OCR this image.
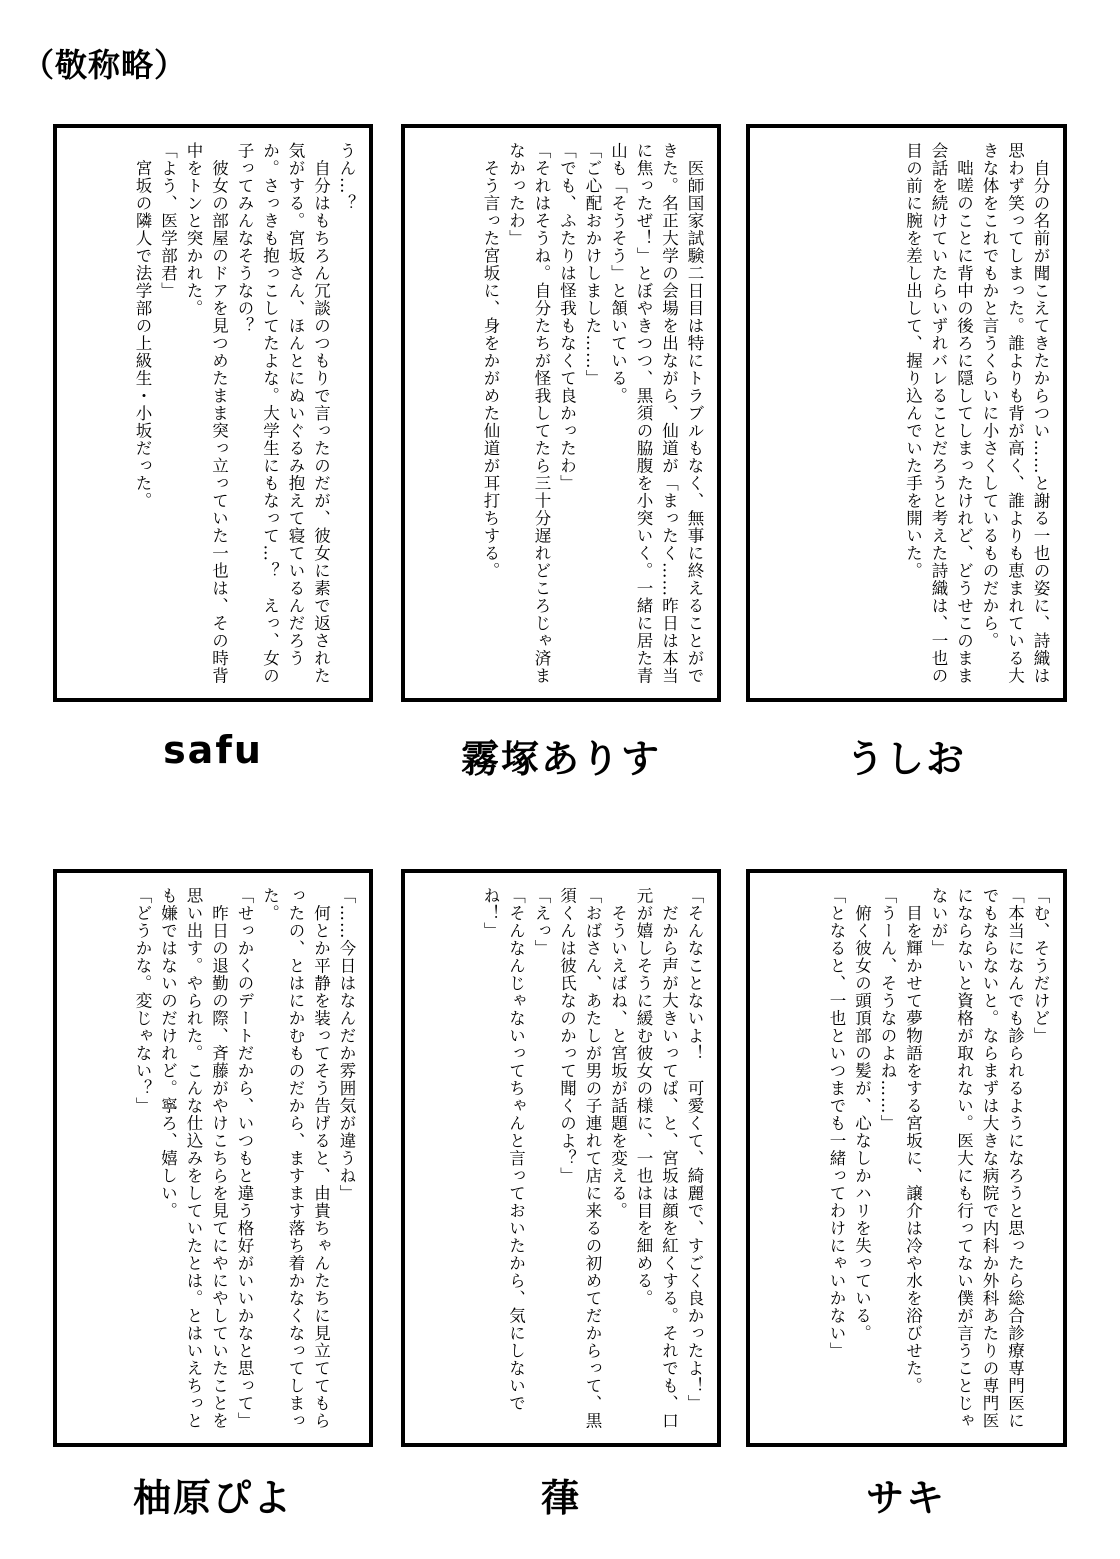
（敬称略）
　自分の名前が聞こえてきたからつい……と謝る一也の姿に、詩織は思わず笑ってしまった。誰よりも背が高く、誰よりも恵まれている大きな体をこれでもかと言うくらいに小さくしているものだから。
　咄嗟のことに背中の後ろに隠してしまったけれど、どうせこのまま会話を続けていたらいずれバレることだろうと考えた詩織は、一也の目の前に腕を差し出して、握り込んでいた手を開いた。
うしお
　医師国家試験二日目は特にトラブルもなく、無事に終えることができた。名正大学の会場を出ながら、仙道が「まったく……昨日は本当に焦ったぜ！」とぼやきつつ、黒須の脇腹を小突いく。一緒に居た青山も「そうそう」と頷いている。
「ご心配おかけしました……」
「でも、ふたりは怪我もなくて良かったわ」
「それはそうね。自分たちが怪我してたら三十分遅れどころじゃ済まなかったわ」
　そう言った宮坂に、身をかがめた仙道が耳打ちする。
霧塚ありす
うん…？
　自分はもちろん冗談のつもりで言ったのだが、彼女に素で返された気がする。宮坂さん、ほんとにぬいぐるみ抱えて寝ているんだろうか。さっきも抱っこしてたよな。大学生にもなって…？　えっ、女の子ってみんなそうなの？
　彼女の部屋のドアを見つめたまま突っ立っていた一也は、その時背中をトンと突かれた。
「よう、医学部君」
　宮坂の隣人で法学部の上級生・小坂だった。
safu
「む、そうだけど」
「本当になんでも診られるようになろうと思ったら総合診療専門医にでもならないと。ならまずは大きな病院で内科か外科あたりの専門医にならないと資格が取れない。医大にも行ってない僕が言うことじゃないが」
　目を輝かせて夢物語をする宮坂に、譲介は冷や水を浴びせた。
「うーん、そうなのよね……」
　俯く彼女の頭頂部の髪が、心なしかハリを失っている。
「となると、一也といつまでも一緒ってわけにゃいかない」
サキ
「そんなことないよ！　可愛くて、綺麗で、すごく良かったよ！」
　だから声が大きいってば、と、宮坂は顔を紅くする。それでも、口元が嬉しそうに緩む彼女の様に、一也は目を細める。
　そういえばね、と宮坂が話題を変える。
「おばさん、あたしが男の子連れて店に来るの初めてだからって、黒須くんは彼氏なのかって聞くのよ？」
「えっ」
「そんなんじゃないってちゃんと言っておいたから、気にしないでね！」
葎
「……今日はなんだか雰囲気が違うね」
　何とか平静を装ってそう告げると、由貴ちゃんたちに見立ててもらったの、とはにかむものだから、ますます落ち着かなくなってしまった。
「せっかくのデートだから、いつもと違う格好がいいかなと思って」
　昨日の退勤の際、斉藤がやけこちらを見てにやにやしていたことを思い出す。やられた。こんな仕込みをしていたとは。とはいえちっとも嫌ではないのだけれど。寧ろ、嬉しい。
「どうかな。変じゃない？」
柚原ぴよ
